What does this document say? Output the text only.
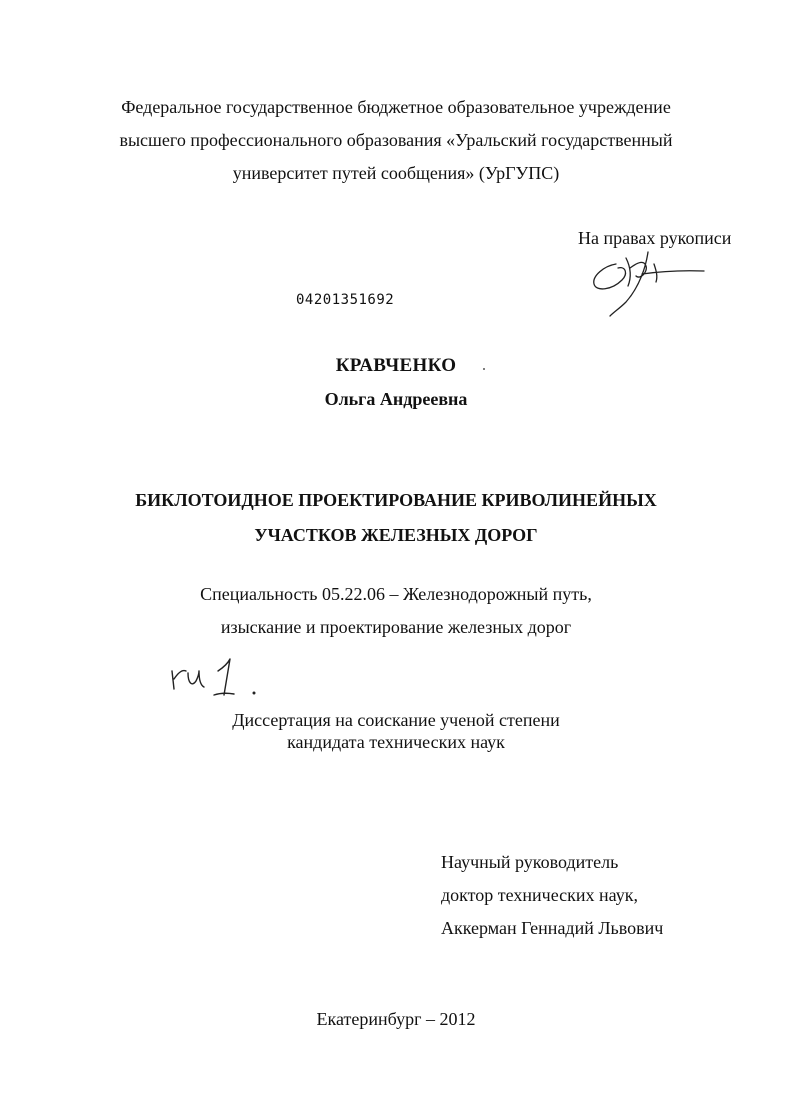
Федеральное государственное бюджетное образовательное учреждение
высшего профессионального образования «Уральский государственный
университет путей сообщения» (УрГУПС)
На правах рукописи
04201351692
КРАВЧЕНКО
Ольга Андреевна
БИКЛОТОИДНОЕ ПРОЕКТИРОВАНИЕ КРИВОЛИНЕЙНЫХ
УЧАСТКОВ ЖЕЛЕЗНЫХ ДОРОГ
Специальность 05.22.06 – Железнодорожный путь,
изыскание и проектирование железных дорог
Диссертация на соискание ученой степени
кандидата технических наук
Научный руководитель
доктор технических наук,
Аккерман Геннадий Львович
Екатеринбург – 2012
